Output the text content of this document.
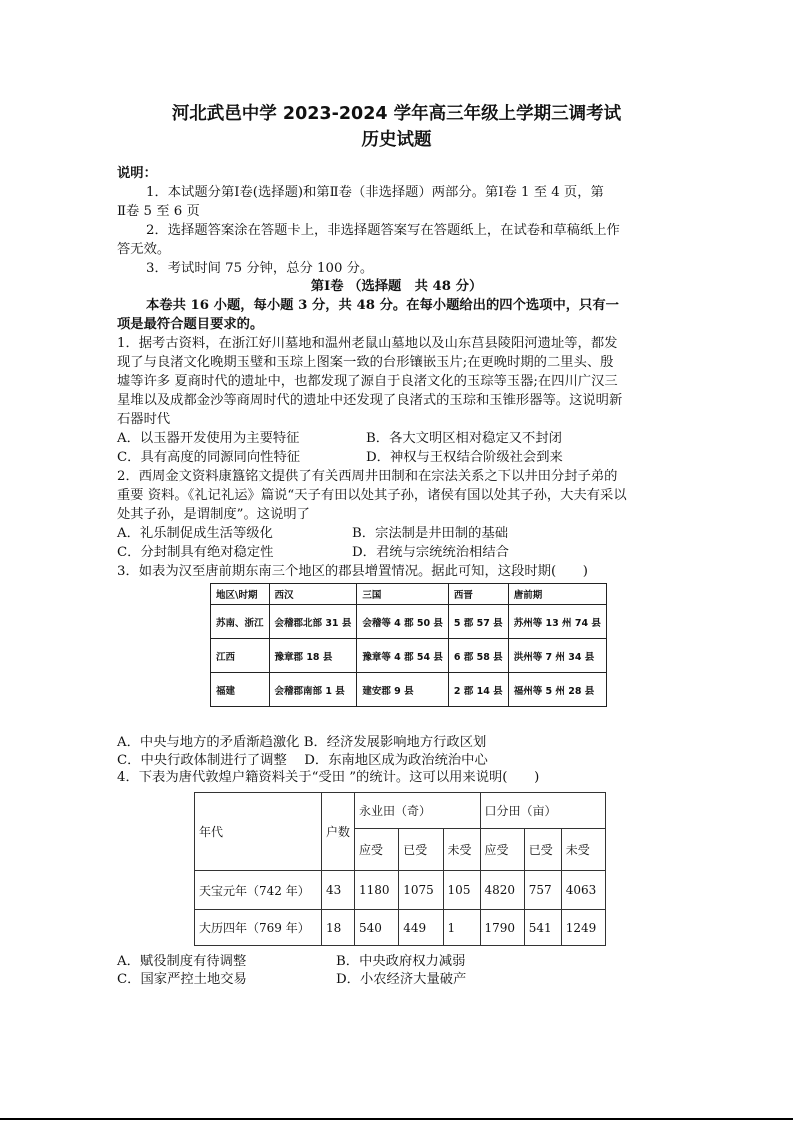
河北武邑中学 2023-2024 学年高三年级上学期三调考试
历史试题
说明：
1．本试题分第Ⅰ卷(选择题)和第Ⅱ卷（非选择题）两部分。第Ⅰ卷 1 至 4 页，第
Ⅱ卷 5 至 6 页
2．选择题答案涂在答题卡上，非选择题答案写在答题纸上，在试卷和草稿纸上作
答无效。
3．考试时间 75 分钟，总分 100 分。
第Ⅰ卷 （选择题　共 48 分）
本卷共 16 小题，每小题 3 分，共 48 分。在每小题给出的四个选项中，只有一
项是最符合题目要求的。
1．据考古资料，在浙江好川墓地和温州老鼠山墓地以及山东莒县陵阳河遗址等，都发
现了与良渚文化晚期玉璧和玉琮上图案一致的台形镶嵌玉片;在更晚时期的二里头、殷
墟等许多 夏商时代的遗址中，也都发现了源自于良渚文化的玉琮等玉器;在四川广汉三
星堆以及成都金沙等商周时代的遗址中还发现了良渚式的玉琮和玉锥形器等。这说明新
石器时代
A．以玉器开发使用为主要特征	B．各大文明区相对稳定又不封闭
C．具有高度的同源同向性特征	D．神权与王权结合阶级社会到来
2．西周金文资料康簋铭文提供了有关西周井田制和在宗法关系之下以井田分封子弟的
重要 资料。《礼记礼运》篇说“天子有田以处其子孙，诸侯有国以处其子孙，大夫有采以
处其子孙，是谓制度”。这说明了
A．礼乐制促成生活等级化	B．宗法制是井田制的基础
C．分封制具有绝对稳定性	D．君统与宗统统治相结合
3．如表为汉至唐前期东南三个地区的郡县增置情况。据此可知，这段时期(　　)
地区\时期	西汉	三国	西晋	唐前期
苏南、浙江	会稽郡北部 31 县	会稽等 4 郡 50 县	5 郡 57 县	苏州等 13 州 74 县
江西	豫章郡 18 县	豫章等 4 郡 54 县	6 郡 58 县	洪州等 7 州 34 县
福建	会稽郡南部 1 县	建安郡 9 县	2 郡 14 县	福州等 5 州 28 县
A．中央与地方的矛盾渐趋激化 B．经济发展影响地方行政区划
C．中央行政体制进行了调整　 D．东南地区成为政治统治中心
4．下表为唐代敦煌户籍资料关于“受田 ”的统计。这可以用来说明(　　)
年代	户数	永业田（奇）			口分田（亩）		
		应受	已受	未受	应受	已受	未受
天宝元年（742 年）	43	1180	1075	105	4820	757	4063
大历四年（769 年）	18	540	449	1	1790	541	1249
A．赋役制度有待调整	B．中央政府权力减弱
C．国家严控土地交易	D．小农经济大量破产
